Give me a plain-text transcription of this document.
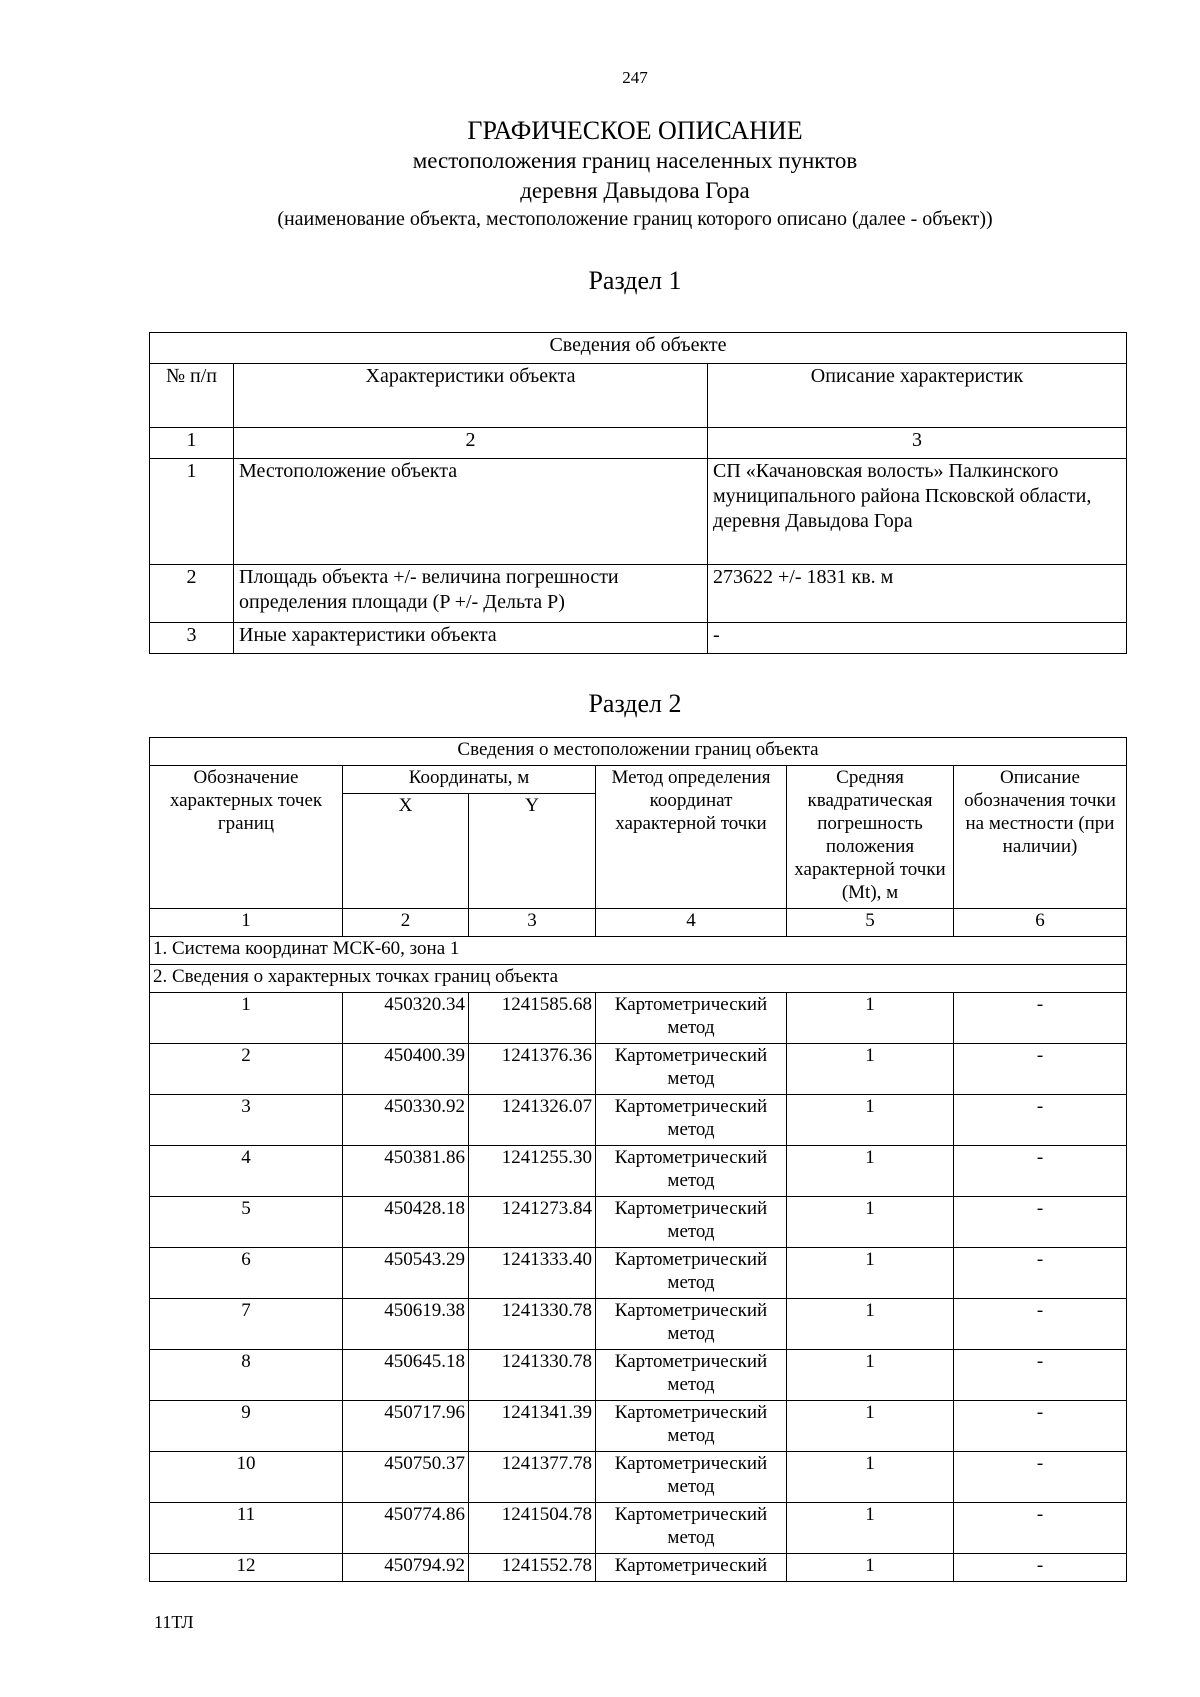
247
ГРАФИЧЕСКОЕ ОПИСАНИЕ
местоположения границ населенных пунктов
деревня Давыдова Гора
(наименование объекта, местоположение границ которого описано (далее - объект))
Раздел 1
Сведения об объекте		
№ п/п	Характеристики объекта	Описание характеристик
1	2	3
1	Местоположение объекта	СП «Качановская волость» Палкинского муниципального района Псковской области, деревня Давыдова Гора
2	Площадь объекта +/- величина погрешности определения площади (P +/- Дельта P)	273622 +/- 1831 кв. м
3	Иные характеристики объекта	-
Раздел 2
Сведения о местоположении границ объекта					
Обозначение характерных точек границ	Координаты, м		Метод определения координат характерной точки	Средняя квадратическая погрешность положения характерной точки (Mt), м	Описание обозначения точки на местности (при наличии)
	X	Y			
1	2	3	4	5	6
1. Система координат МСК-60, зона 1					
2. Сведения о характерных точках границ объекта					
1	450320.34	1241585.68	Картометрический метод	1	-
2	450400.39	1241376.36	Картометрический метод	1	-
3	450330.92	1241326.07	Картометрический метод	1	-
4	450381.86	1241255.30	Картометрический метод	1	-
5	450428.18	1241273.84	Картометрический метод	1	-
6	450543.29	1241333.40	Картометрический метод	1	-
7	450619.38	1241330.78	Картометрический метод	1	-
8	450645.18	1241330.78	Картометрический метод	1	-
9	450717.96	1241341.39	Картометрический метод	1	-
10	450750.37	1241377.78	Картометрический метод	1	-
11	450774.86	1241504.78	Картометрический метод	1	-
12	450794.92	1241552.78	Картометрический	1	-
11ТЛ
